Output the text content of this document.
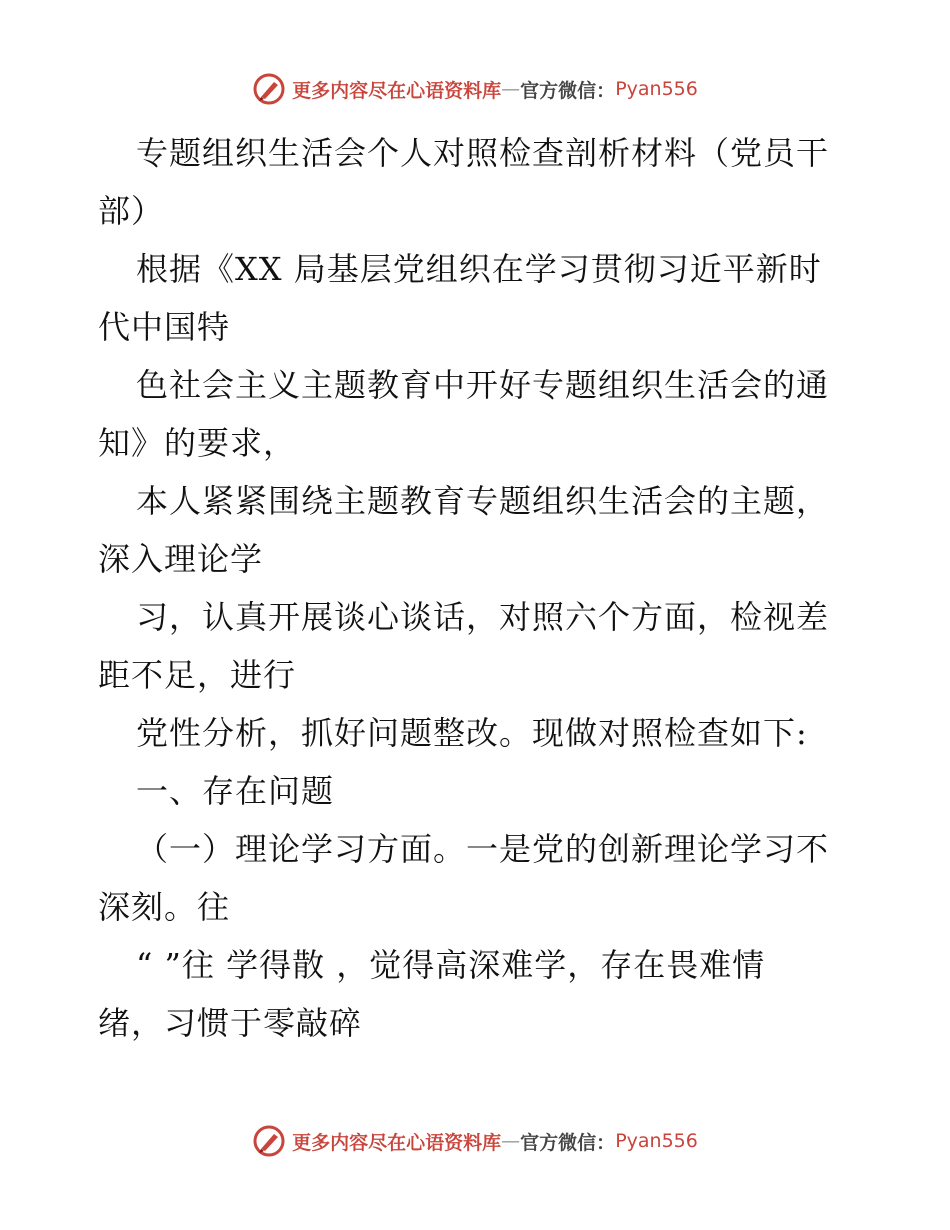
更多内容尽在心语资料库 — 官方微信： Pyan556
专题组织生活会个人对照检查剖析材料（党员干
部）
根据《XX 局基层党组织在学习贯彻习近平新时
代中国特
色社会主义主题教育中开好专题组织生活会的通
知》的要求，
本人紧紧围绕主题教育专题组织生活会的主题，
深入理论学
习，认真开展谈心谈话，对照六个方面，检视差
距不足，进行
党性分析，抓好问题整改。现做对照检查如下:
一、存在问题
（一）理论学习方面。一是党的创新理论学习不
深刻。往
“ ”往 学得散 ，觉得高深难学，存在畏难情
绪，习惯于零敲碎
更多内容尽在心语资料库 — 官方微信： Pyan556
